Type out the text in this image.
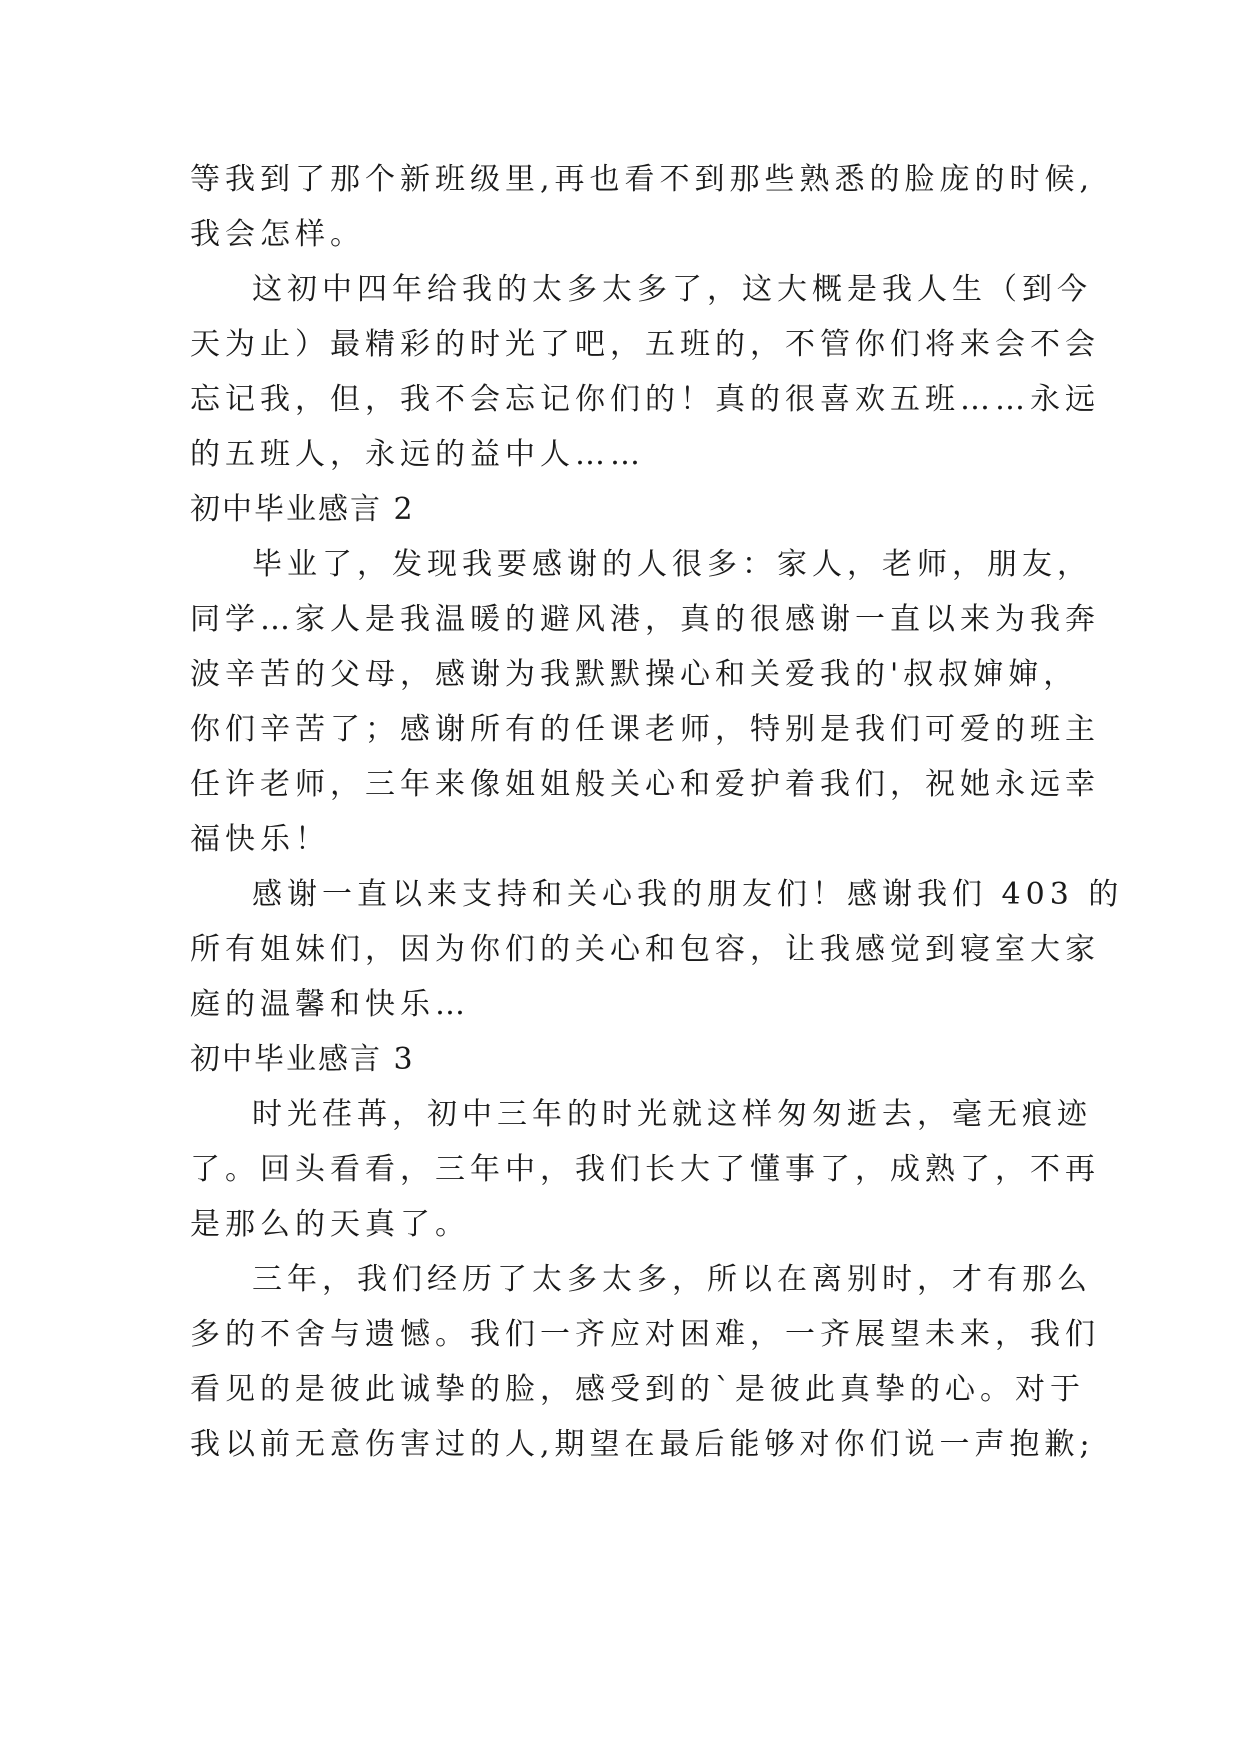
等我到了那个新班级里,再也看不到那些熟悉的脸庞的时候,
我会怎样。
这初中四年给我的太多太多了，这大概是我人生（到今
天为止）最精彩的时光了吧，五班的，不管你们将来会不会
忘记我，但，我不会忘记你们的！真的很喜欢五班……永远
的五班人，永远的益中人……
初中毕业感言 2
毕业了，发现我要感谢的人很多：家人，老师，朋友，
同学…家人是我温暖的避风港，真的很感谢一直以来为我奔
波辛苦的父母，感谢为我默默操心和关爱我的'叔叔婶婶，
你们辛苦了；感谢所有的任课老师，特别是我们可爱的班主
任许老师，三年来像姐姐般关心和爱护着我们，祝她永远幸
福快乐！
感谢一直以来支持和关心我的朋友们！感谢我们 403 的
所有姐妹们，因为你们的关心和包容，让我感觉到寝室大家
庭的温馨和快乐…
初中毕业感言 3
时光荏苒，初中三年的时光就这样匆匆逝去，毫无痕迹
了。回头看看，三年中，我们长大了懂事了，成熟了，不再
是那么的天真了。
三年，我们经历了太多太多，所以在离别时，才有那么
多的不舍与遗憾。我们一齐应对困难，一齐展望未来，我们
看见的是彼此诚挚的脸，感受到的`是彼此真挚的心。对于
我以前无意伤害过的人,期望在最后能够对你们说一声抱歉;
